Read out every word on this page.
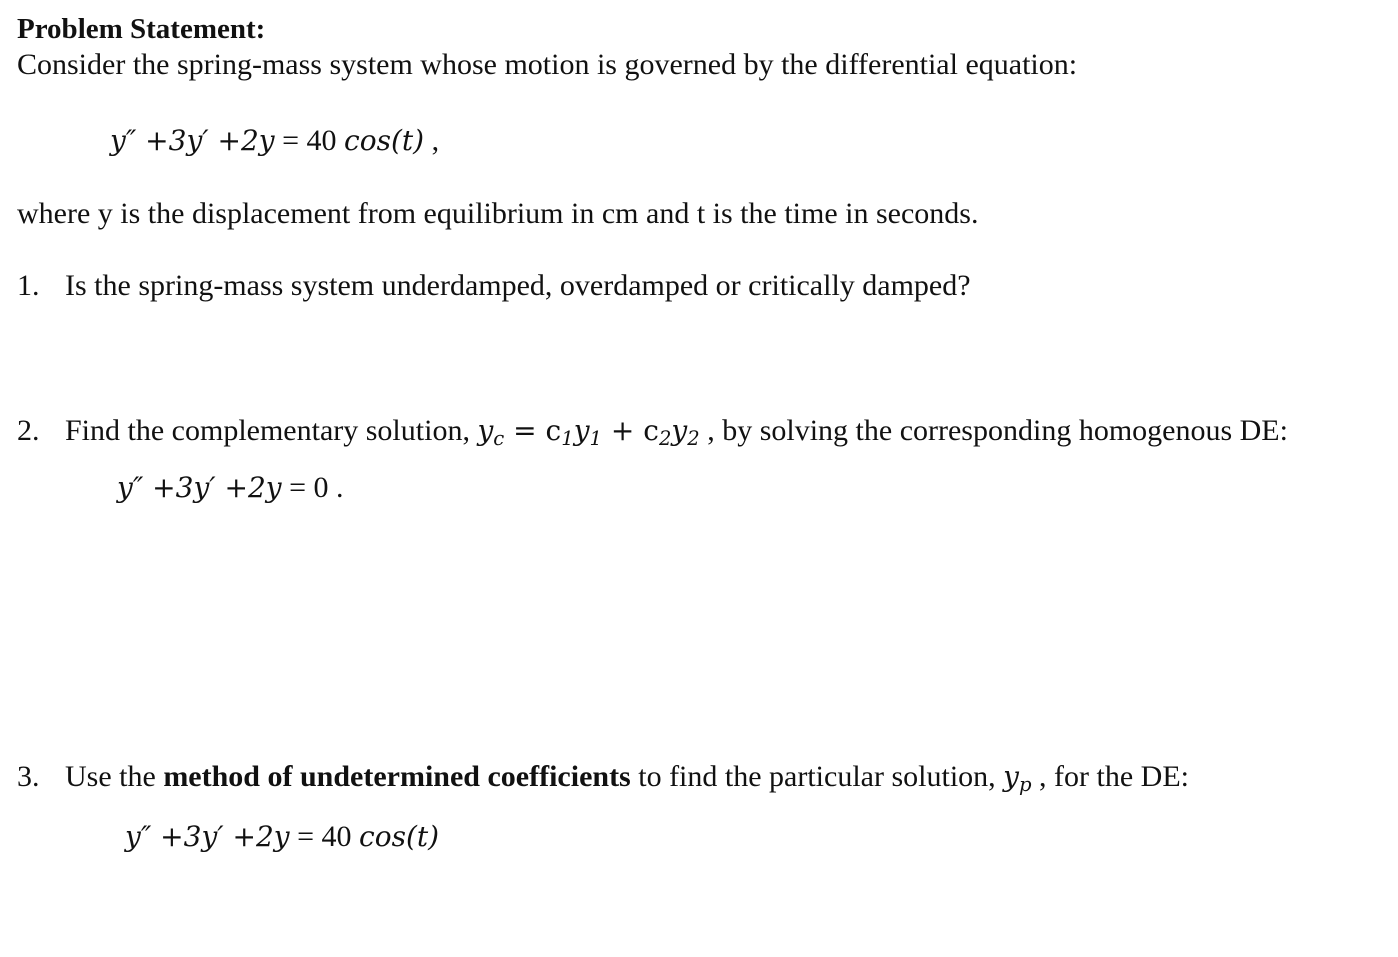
Problem Statement:
Consider the spring-mass system whose motion is governed by the differential equation:
y″ +3y′ +2y = 40 cos(t) ,
where y is the displacement from equilibrium in cm and t is the time in seconds.
1. Is the spring-mass system underdamped, overdamped or critically damped?
2. Find the complementary solution, $y_c = c_1y_1 + c_2y_2$ , by solving the corresponding homogenous DE:
y″ +3y′ +2y = 0 .
3. Use the method of undetermined coefficients to find the particular solution, $y_p$ , for the DE:
y″ +3y′ +2y = 40 cos(t)
